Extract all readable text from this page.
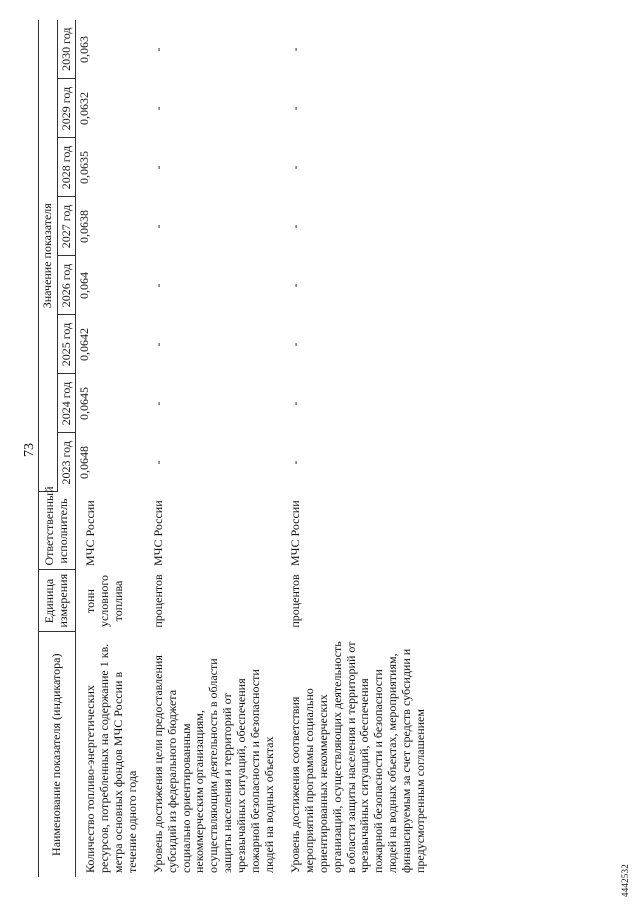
73
Наименование показателя (индикатора)	Единица измерения	Ответственный исполнитель	Значение показателя							
			2023 год	2024 год	2025 год	2026 год	2027 год	2028 год	2029 год	2030 год
Количество топливо-энергетических ресурсов, потребленных на содержание 1 кв. метра основных фондов МЧС России в течение одного года	тонн условного топлива	МЧС России	0,0648	0,0645	0,0642	0,064	0,0638	0,0635	0,0632	0,063
Уровень достижения цели предоставления субсидий из федерального бюджета социально ориентированным некоммерческим организациям, осуществляющим деятельность в области защиты населения и территорий от чрезвычайных ситуаций, обеспечения пожарной безопасности и безопасности людей на водных объектах	процентов	МЧС России	-	-	-	-	-	-	-	-
Уровень достижения соответствия мероприятий программы социально ориентированных некоммерческих организаций, осуществляющих деятельность в области защиты населения и территорий от чрезвычайных ситуаций, обеспечения пожарной безопасности и безопасности людей на водных объектах, мероприятиям, финансируемым за счет средств субсидии и предусмотренным соглашением	процентов	МЧС России	-	-	-	-	-	-	-	-
4442532
